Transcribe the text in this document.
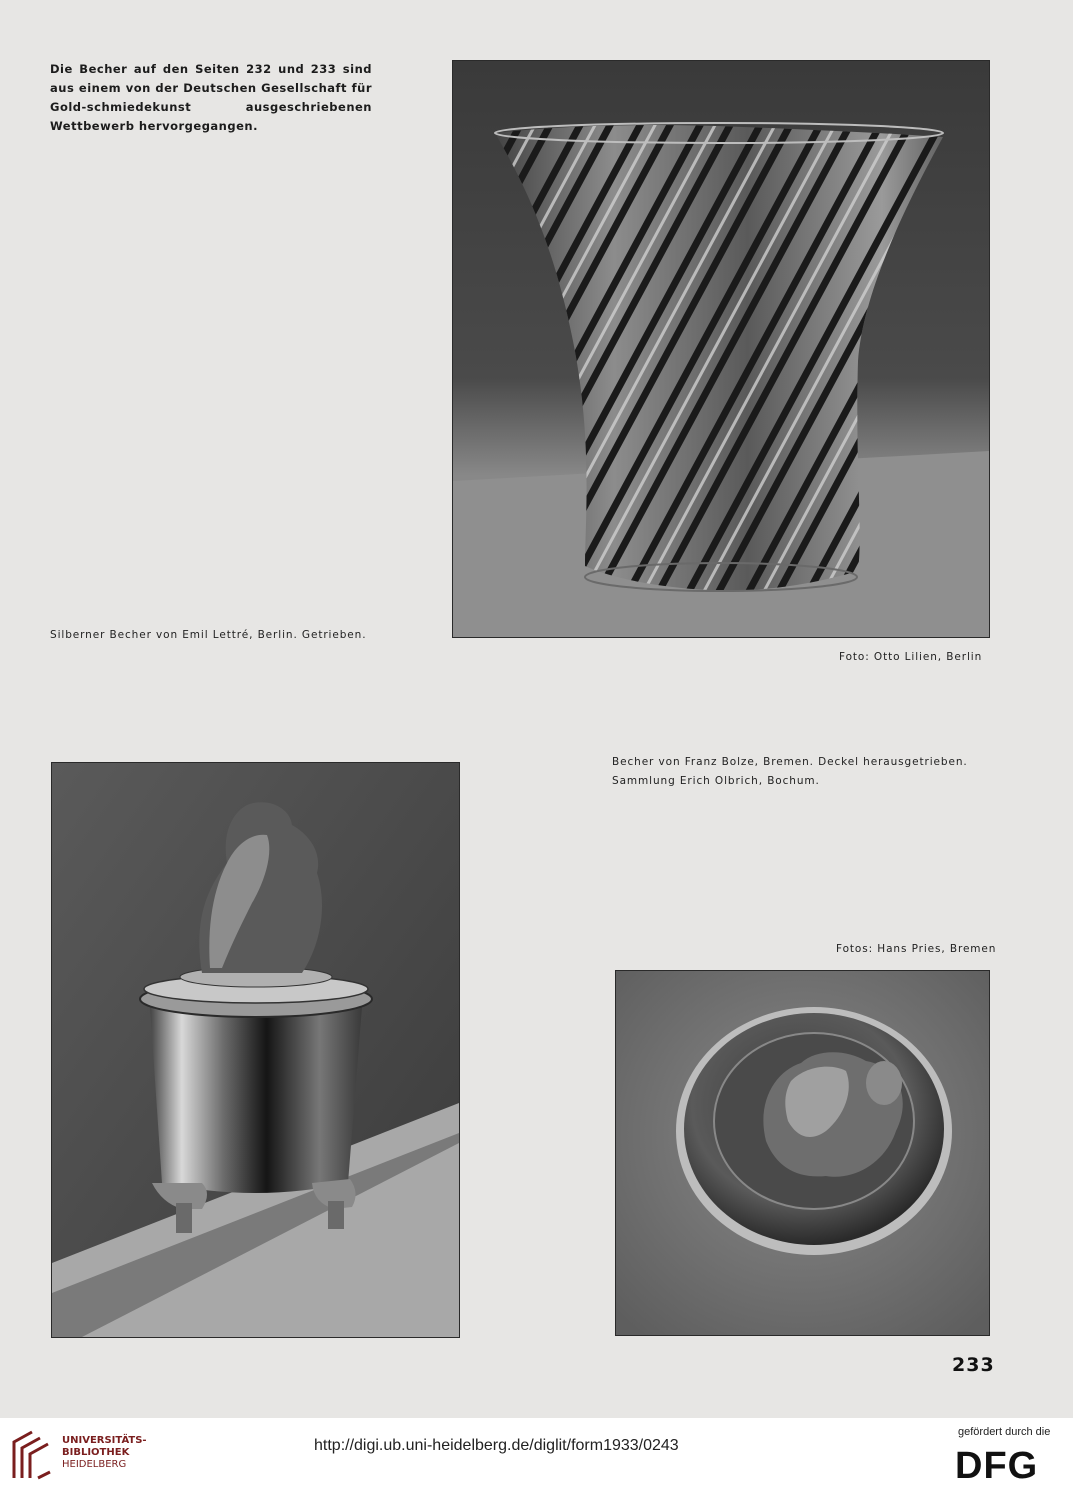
Die Becher auf den Seiten 232 und 233 sind aus einem von der Deutschen Gesellschaft für Gold-schmiedekunst ausgeschriebenen Wettbewerb hervorgegangen.
Silberner Becher von Emil Lettré, Berlin. Getrieben.
Foto: Otto Lilien, Berlin
Becher von Franz Bolze, Bremen. Deckel herausgetrieben.
Sammlung Erich Olbrich, Bochum.
Fotos: Hans Pries, Bremen
233
UNIVERSITÄTS-
BIBLIOTHEK
HEIDELBERG
http://digi.ub.uni-heidelberg.de/diglit/form1933/0243
gefördert durch die
DFG
